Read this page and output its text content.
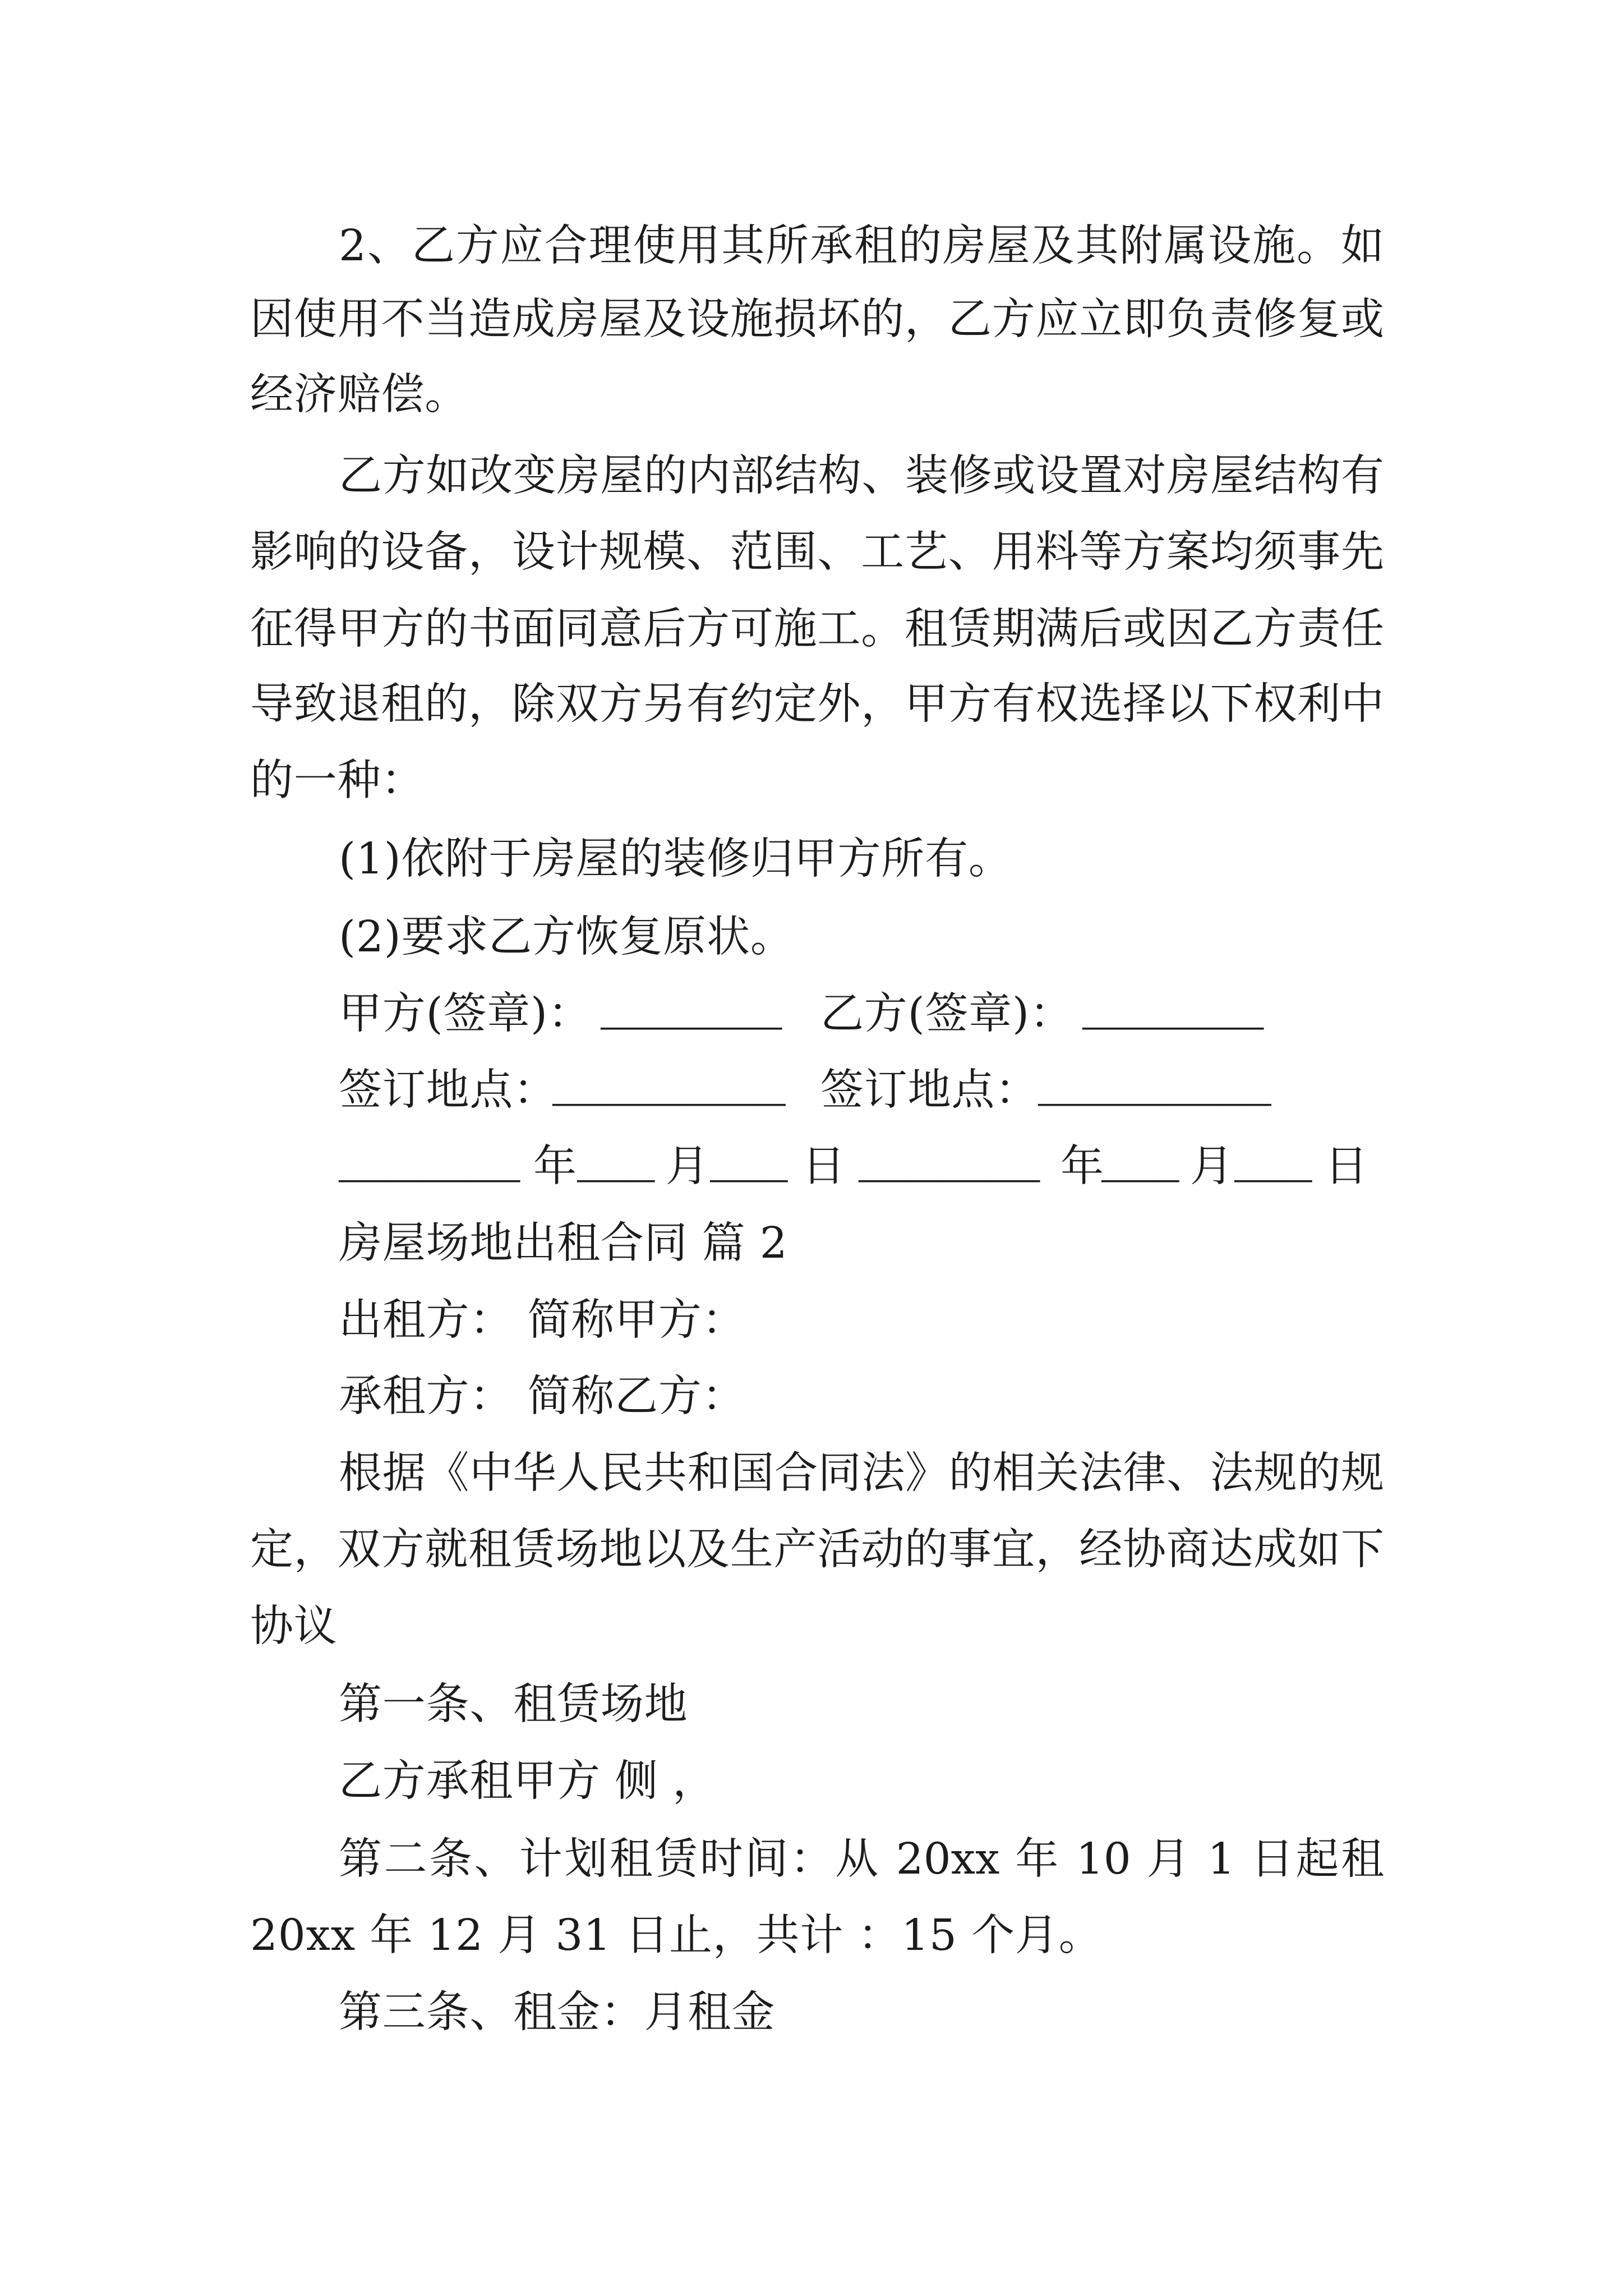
2、乙方应合理使用其所承租的房屋及其附属设施。如
因使用不当造成房屋及设施损坏的，乙方应立即负责修复或
经济赔偿。
乙方如改变房屋的内部结构、装修或设置对房屋结构有
影响的设备，设计规模、范围、工艺、用料等方案均须事先
征得甲方的书面同意后方可施工。租赁期满后或因乙方责任
导致退租的，除双方另有约定外，甲方有权选择以下权利中
的一种：
(1)依附于房屋的装修归甲方所有。
(2)要求乙方恢复原状。
甲方(签章)： _______ 乙方(签章)： _______
签订地点：
_________ 签订地点： _________
_______ 年 ___ 月 ___ 日 _______ 年
___ 月 ___ 日
房屋场地出租合同 篇 2
出租方： 简称甲方：
承租方： 简称乙方：
根据《中华人民共和国合同法》的相关法律、法规的规
定，双方就租赁场地以及生产活动的事宜，经协商达成如下
协议
第一条、租赁场地
乙方承租甲方 侧 ，
第二条、计划租赁时间：从 20xx 年 10 月 1 日起租
20xx 年 12 月 31 日止，共计 ：15 个月。
第三条、租金：月租金
